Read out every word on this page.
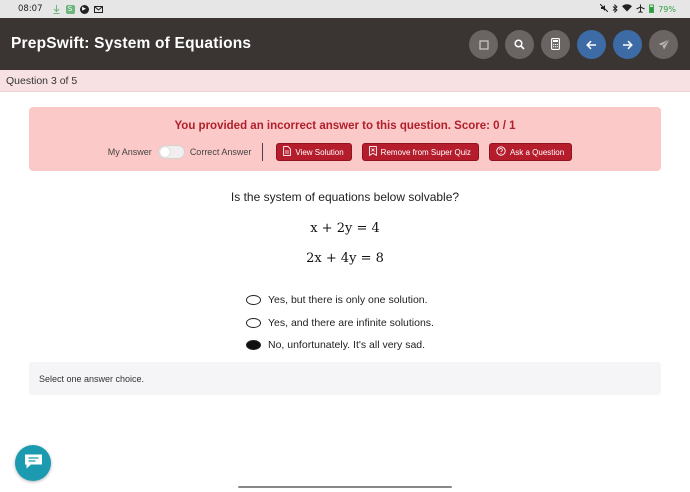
08:07	S	▶	79%
PrepSwift: System of Equations
Question 3 of 5
You provided an incorrect answer to this question. Score: 0 / 1
My Answer	Correct Answer	View Solution	Remove from Super Quiz	Ask a Question
Is the system of equations below solvable?
x + 2y = 4
2x + 4y = 8
Yes, but there is only one solution.
Yes, and there are infinite solutions.
No, unfortunately. It's all very sad.
Select one answer choice.
